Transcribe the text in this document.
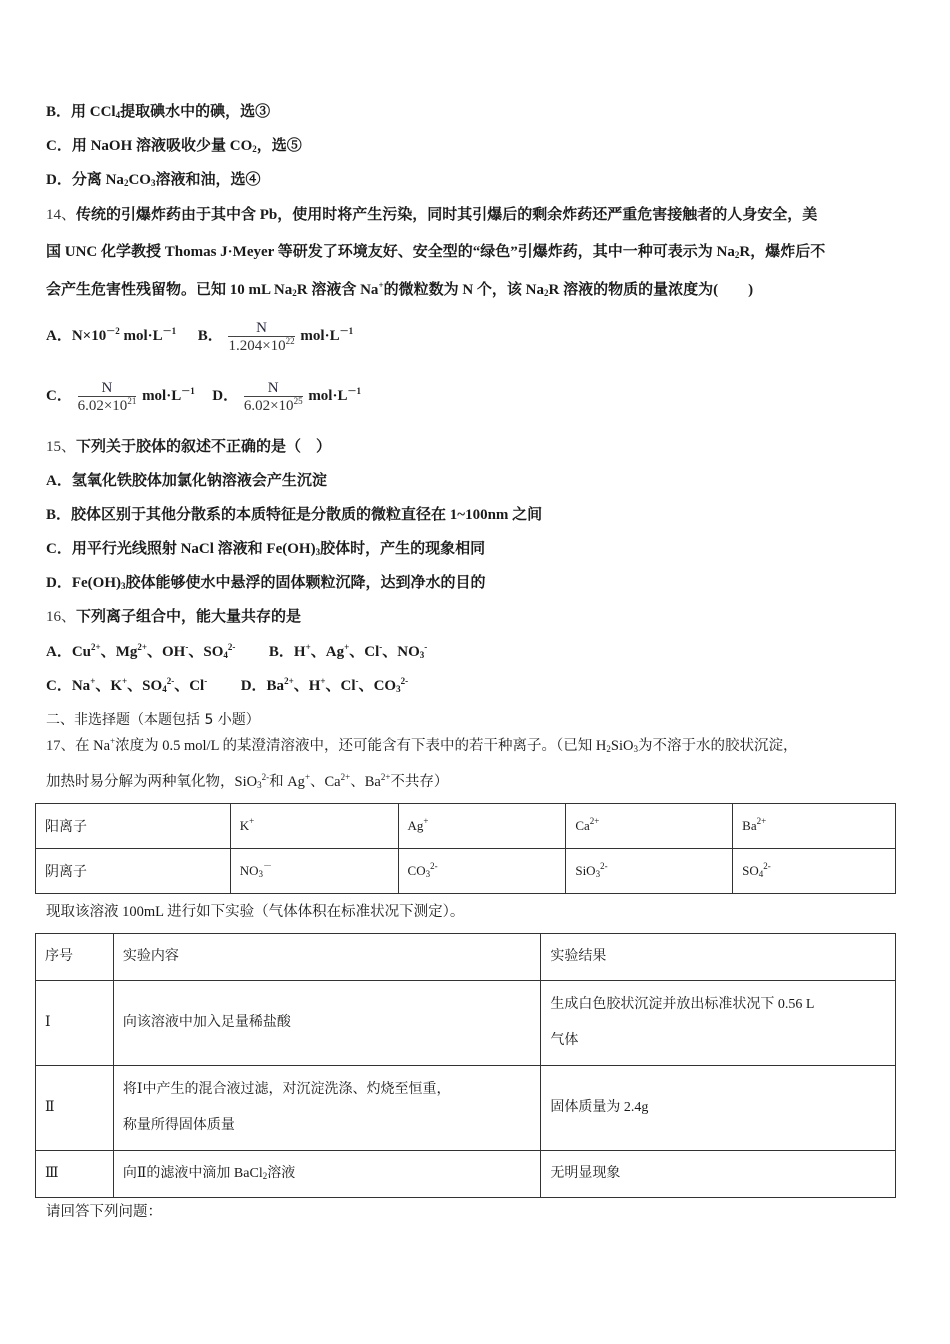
B．用 CCl$_4$提取碘水中的碘，选③
C．用 NaOH 溶液吸收少量 $CO_2$，选⑤
D．分离 $Na_2CO_3$溶液和油，选④
14、传统的引爆炸药由于其中含 Pb，使用时将产生污染，同时其引爆后的剩余炸药还严重危害接触者的人身安全，美
国 UNC 化学教授 Thomas J·Meyer 等研发了环境友好、安全型的“绿色”引爆炸药，其中一种可表示为 $Na_2R$，爆炸后不
会产生危害性残留物。已知 10 mL $Na_2R$ 溶液含 Na+的微粒数为 N 个，该 $Na_2R$ 溶液的物质的量浓度为(　　)
A．$N\times 10^{-2}$ $mol\cdot L^{-1}$ B． $\frac{N}{1.204\times 10^{22}} mol\cdot L^{-1}$
C． $\frac{N}{6.02\times 10^{21}} mol\cdot L^{-1}$ D． $\frac{N}{6.02\times 10^{25}} mol\cdot L^{-1}$
15、下列关于胶体的叙述不正确的是（　）
A．氢氧化铁胶体加氯化钠溶液会产生沉淀
B．胶体区别于其他分散系的本质特征是分散质的微粒直径在 1~100nm 之间
C．用平行光线照射 NaCl 溶液和 $Fe(OH)_3$胶体时，产生的现象相同
D．$Fe(OH)_3$胶体能够使水中悬浮的固体颗粒沉降，达到净水的目的
16、下列离子组合中，能大量共存的是
A．$Cu^{2+}$、$Mg^{2+}$、OH-、$SO_4^{2-}$ B．H+、Ag+、Cl-、$NO_3^-$
C．Na+、K+、$SO_4^{2-}$、Cl- D．$Ba^{2+}$、H+、Cl-、$CO_3^{2-}$
二、非选择题（本题包括 5 小题）
17、在 Na+浓度为 0.5 mol/L 的某澄清溶液中，还可能含有下表中的若干种离子。（已知 $H_2SiO_3$为不溶于水的胶状沉淀，
加热时易分解为两种氧化物，SiO$_3^{2-}$和 Ag+、$Ca^{2+}$、$Ba^{2+}$不共存）
阳离子	K+	Ag+	$Ca^{2+}$	$Ba^{2+}$
阴离子	$NO_3^-$	$CO_3^{2-}$	SiO$_3^{2-}$	$SO_4^{2-}$
现取该溶液 100mL 进行如下实验（气体体积在标准状况下测定）。
序号	实验内容	实验结果
Ⅰ	向该溶液中加入足量稀盐酸	生成白色胶状沉淀并放出标准状况下 0.56 L
气体

Ⅱ	将Ⅰ中产生的混合液过滤，对沉淀洗涤、灼烧至恒重，
称量所得固体质量	固体质量为 2.4g
Ⅲ	向Ⅱ的滤液中滴加 BaCl$_2$溶液	无明显现象
请回答下列问题：
